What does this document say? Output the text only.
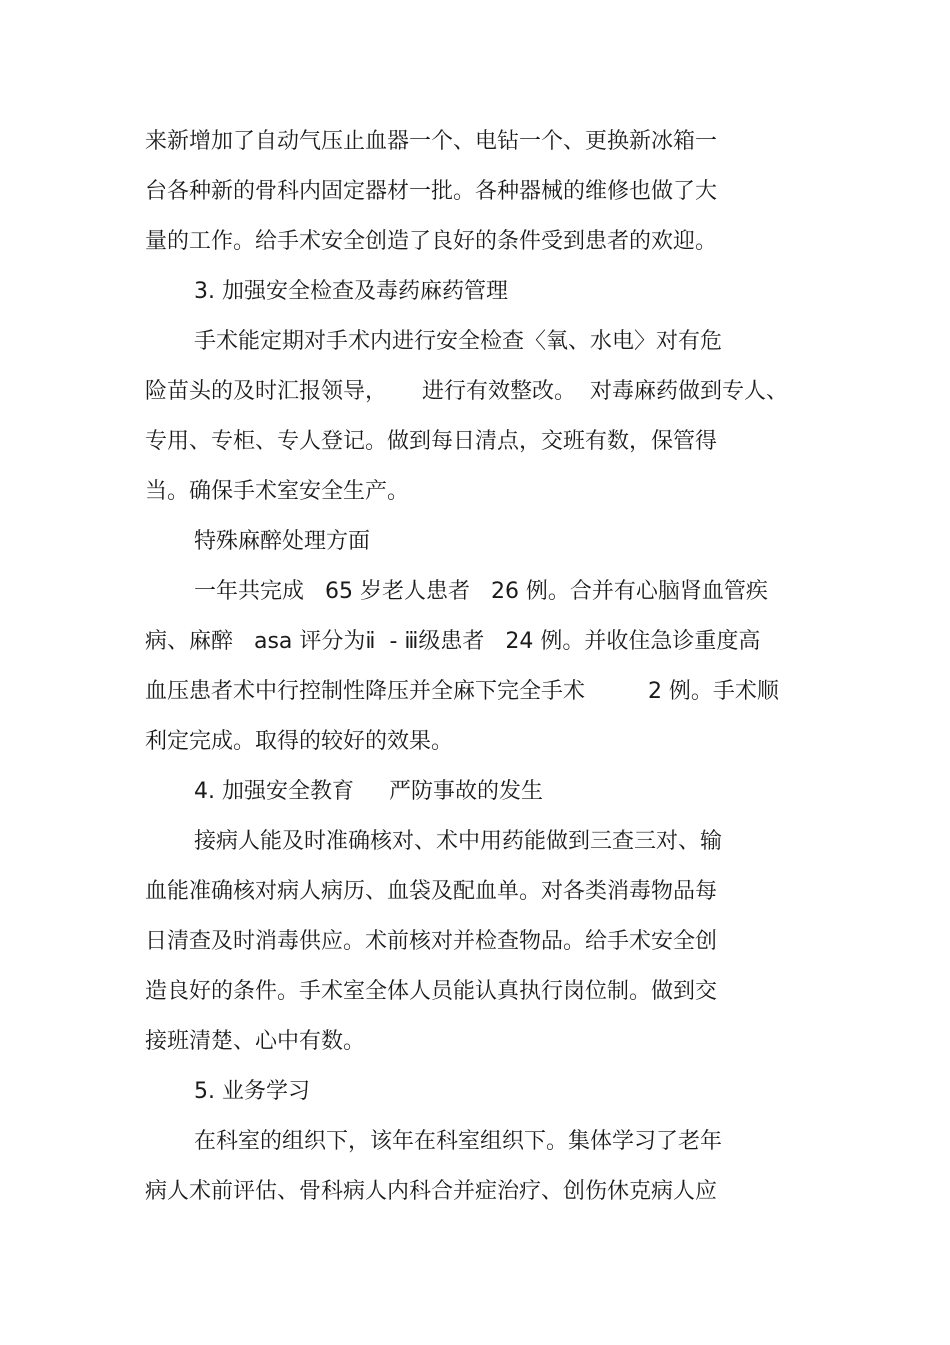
来新增加了自动气压止血器一个、电钻一个、更换新冰箱一
台各种新的骨科内固定器材一批。各种器械的维修也做了大
量的工作。给手术安全创造了良好的条件受到患者的欢迎。
3. 加强安全检查及毒药麻药管理
手术能定期对手术内进行安全检查〈氧、水电〉对有危
险苗头的及时汇报领导，     进行有效整改。  对毒麻药做到专人、
专用、专柜、专人登记。做到每日清点，交班有数，保管得
当。确保手术室安全生产。
特殊麻醉处理方面
一年共完成   65 岁老人患者   26 例。合并有心脑肾血管疾
病、麻醉   asa 评分为ⅱ  - ⅲ级患者   24 例。并收住急诊重度高
血压患者术中行控制性降压并全麻下完全手术         2 例。手术顺
利定完成。取得的较好的效果。
4. 加强安全教育     严防事故的发生
接病人能及时准确核对、术中用药能做到三查三对、输
血能准确核对病人病历、血袋及配血单。对各类消毒物品每
日清查及时消毒供应。术前核对并检查物品。给手术安全创
造良好的条件。手术室全体人员能认真执行岗位制。做到交
接班清楚、心中有数。
5. 业务学习
在科室的组织下，该年在科室组织下。集体学习了老年
病人术前评估、骨科病人内科合并症治疗、创伤休克病人应
